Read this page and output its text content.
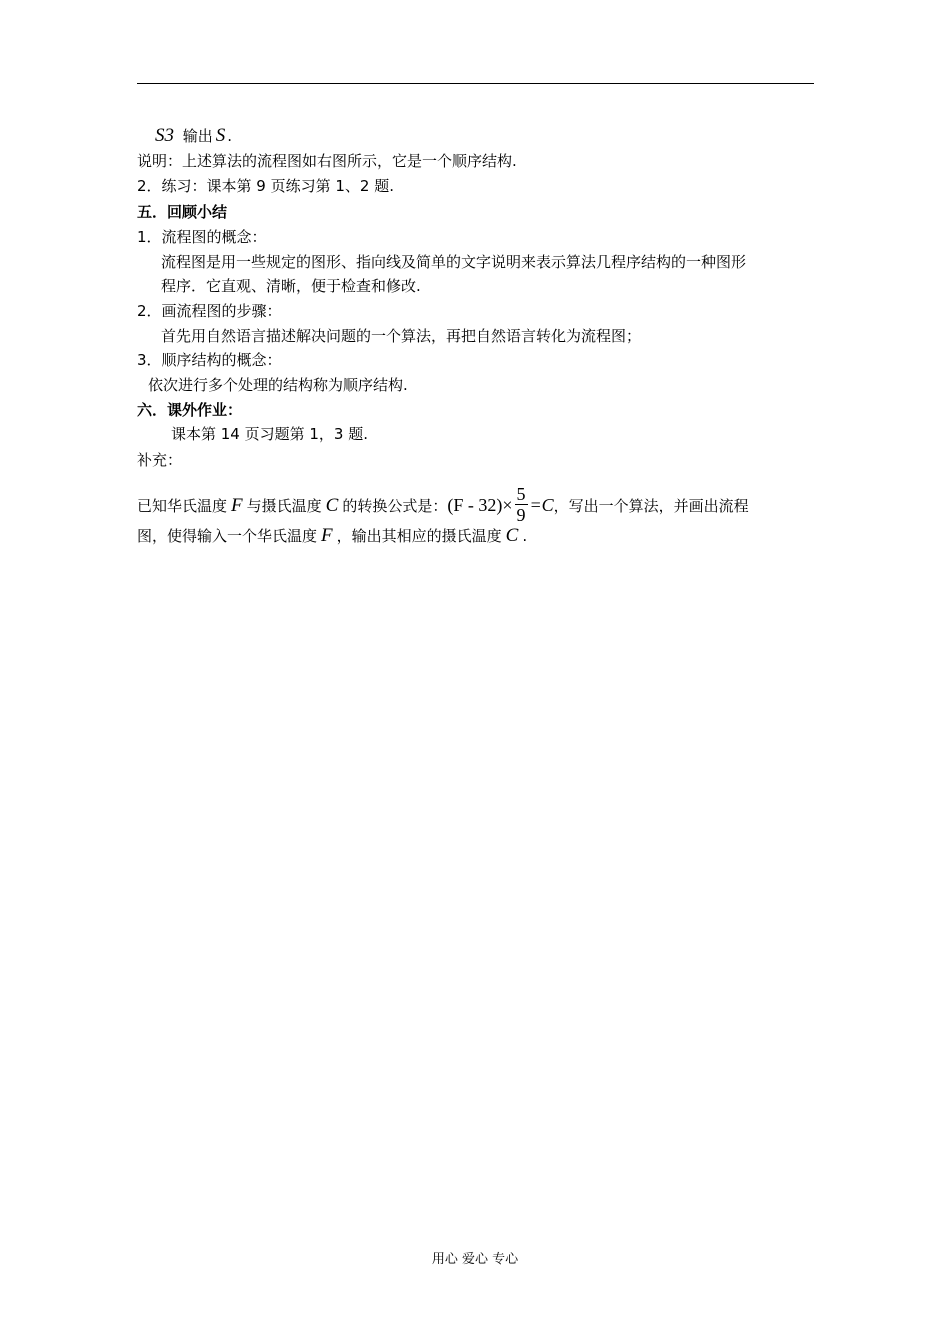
S3 输出 S .
说明：上述算法的流程图如右图所示，它是一个顺序结构.
2．练习：课本第 9 页练习第 1、2 题.
五．回顾小结
1．流程图的概念：
流程图是用一些规定的图形、指向线及简单的文字说明来表示算法几程序结构的一种图形
程序．它直观、清晰，便于检查和修改.
2．画流程图的步骤：
首先用自然语言描述解决问题的一个算法，再把自然语言转化为流程图；
3．顺序结构的概念：
依次进行多个处理的结构称为顺序结构.
六．课外作业：
课本第 14 页习题第 1，3 题.
补充：
已知华氏温度 F 与摄氏温度 C 的转换公式是：$(F - 32)\times \frac{5}{9} =C$，写出一个算法，并画出流程
图，使得输入一个华氏温度 F ，输出其相应的摄氏温度 C .
用心 爱心 专心
